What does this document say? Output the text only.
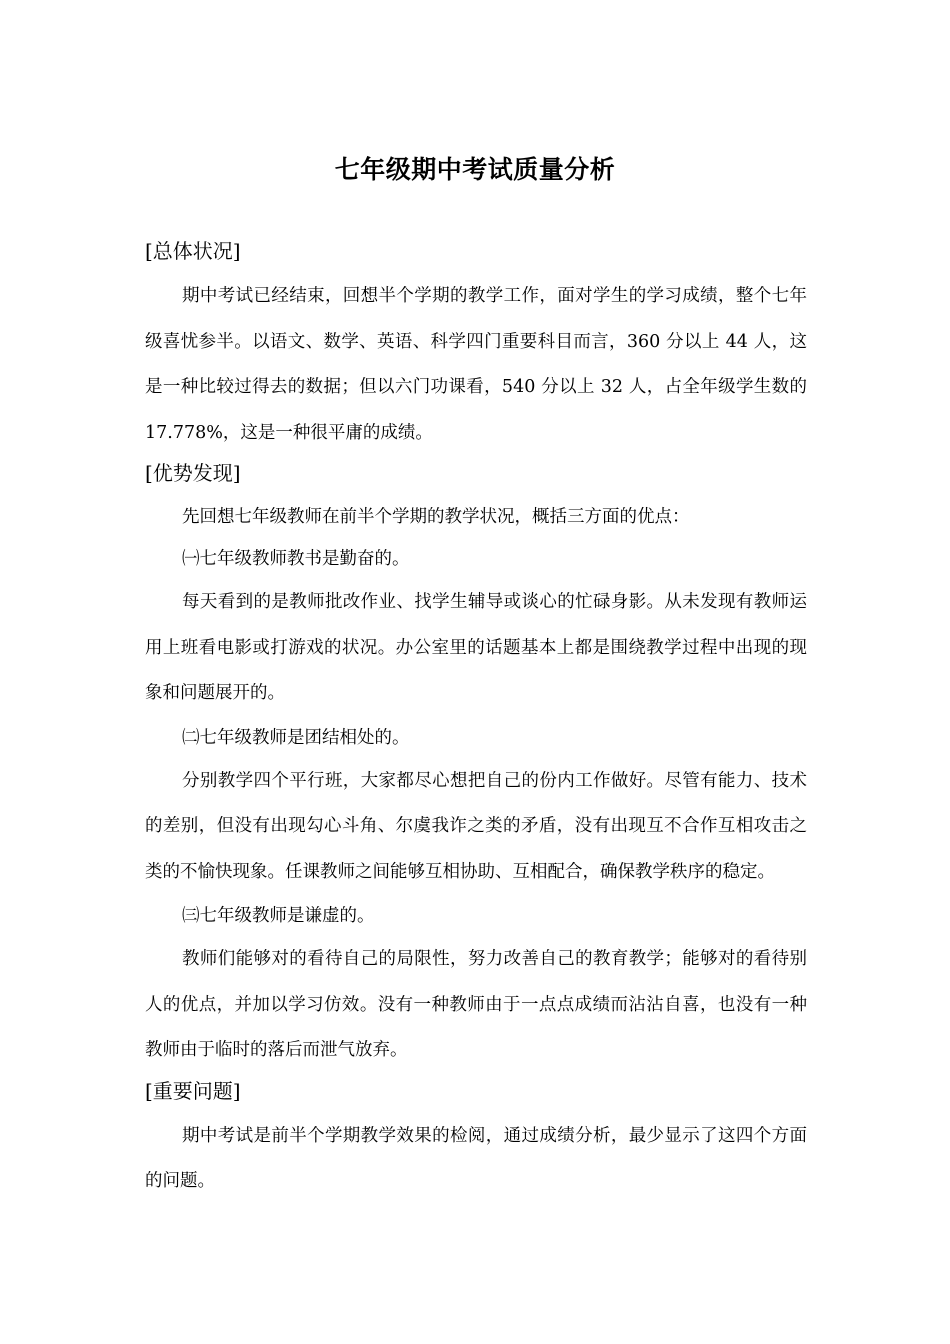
七年级期中考试质量分析
[总体状况]

期中考试已经结束，回想半个学期的教学工作，面对学生的学习成绩，整个七年级喜忧参半。以语文、数学、英语、科学四门重要科目而言，360 分以上 44 人，这是一种比较过得去的数据；但以六门功课看，540 分以上 32 人，占全年级学生数的 17.778%，这是一种很平庸的成绩。

[优势发现]

先回想七年级教师在前半个学期的教学状况，概括三方面的优点：

㈠七年级教师教书是勤奋的。

每天看到的是教师批改作业、找学生辅导或谈心的忙碌身影。从未发现有教师运用上班看电影或打游戏的状况。办公室里的话题基本上都是围绕教学过程中出现的现象和问题展开的。

㈡七年级教师是团结相处的。

分别教学四个平行班，大家都尽心想把自己的份内工作做好。尽管有能力、技术的差别，但没有出现勾心斗角、尔虞我诈之类的矛盾，没有出现互不合作互相攻击之类的不愉快现象。任课教师之间能够互相协助、互相配合，确保教学秩序的稳定。

㈢七年级教师是谦虚的。

教师们能够对的看待自己的局限性，努力改善自己的教育教学；能够对的看待别人的优点，并加以学习仿效。没有一种教师由于一点点成绩而沾沾自喜，也没有一种教师由于临时的落后而泄气放弃。

[重要问题]

期中考试是前半个学期教学效果的检阅，通过成绩分析，最少显示了这四个方面的问题。
